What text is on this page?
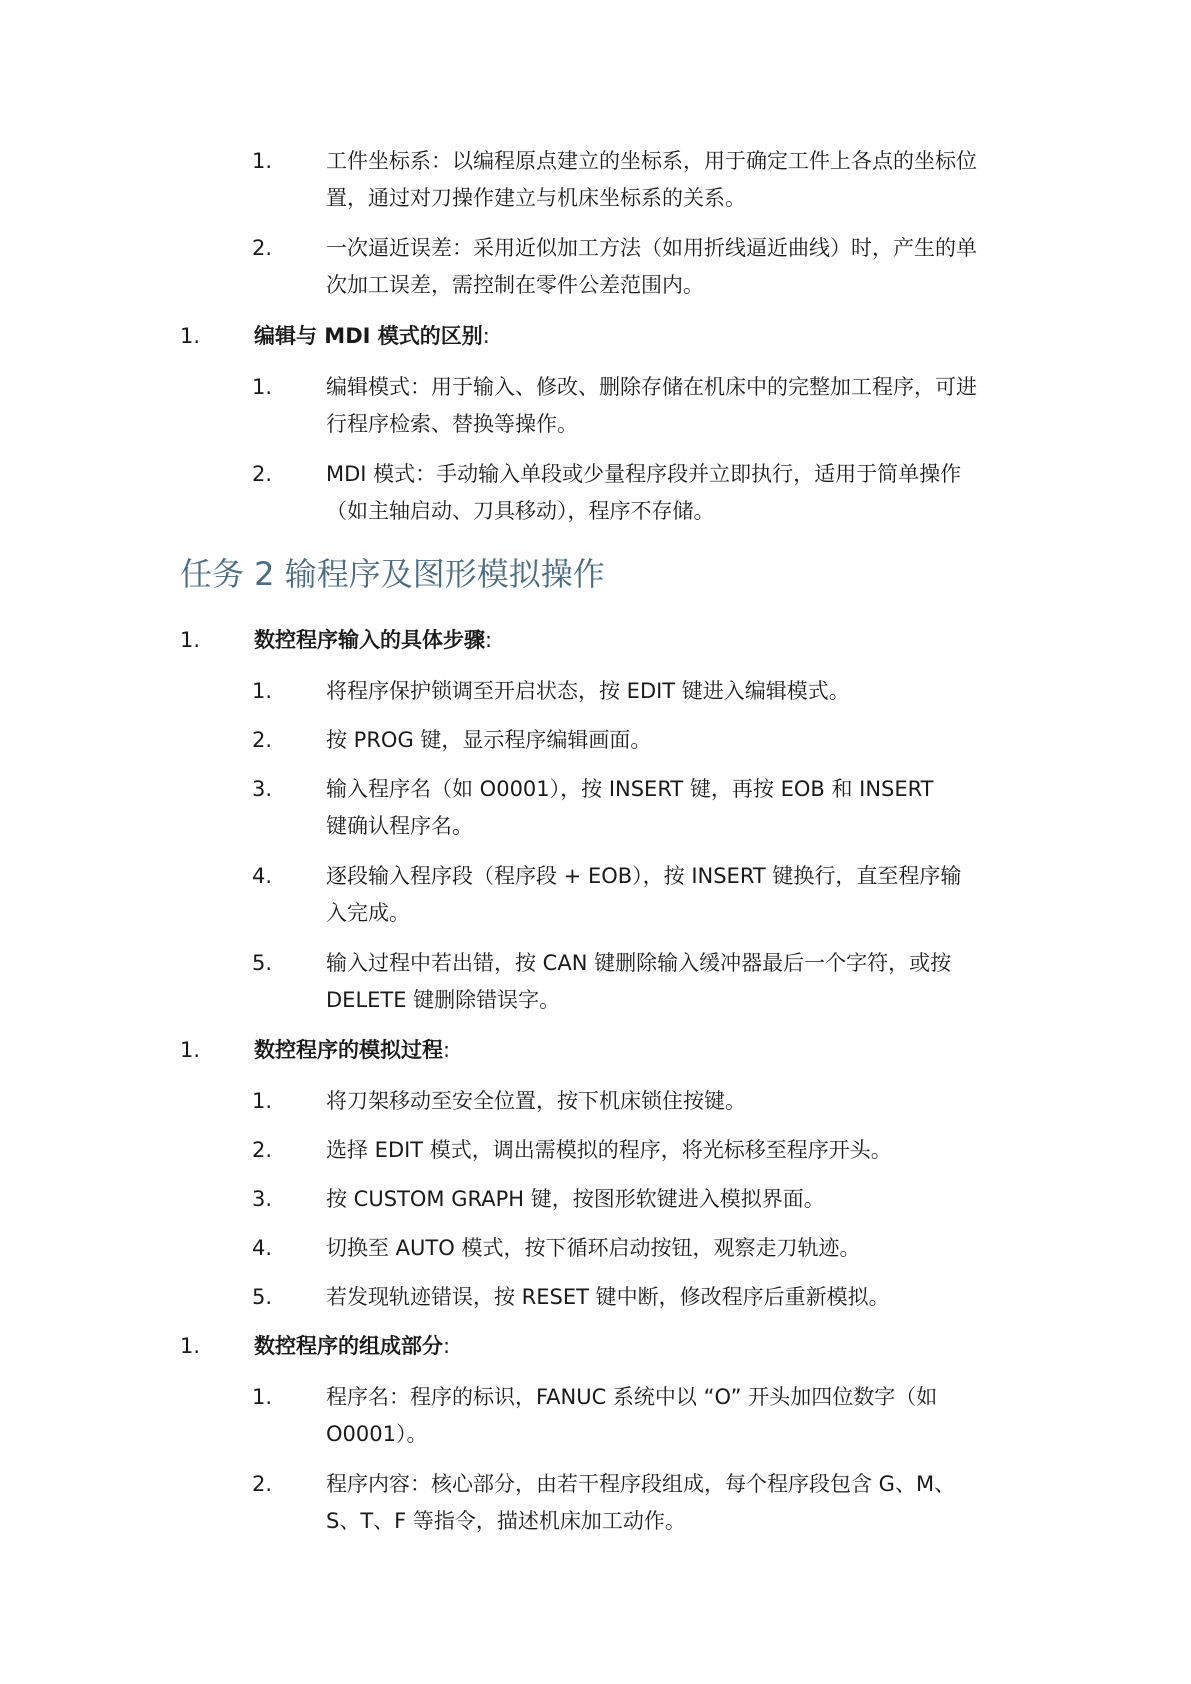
1.	工件坐标系：以编程原点建立的坐标系，用于确定工件上各点的坐标位
置，通过对刀操作建立与机床坐标系的关系。
2.	一次逼近误差：采用近似加工方法（如用折线逼近曲线）时，产生的单
次加工误差，需控制在零件公差范围内。
1.	编辑与 MDI 模式的区别:
1.	编辑模式：用于输入、修改、删除存储在机床中的完整加工程序，可进
行程序检索、替换等操作。
2.	MDI 模式：手动输入单段或少量程序段并立即执行，适用于简单操作
（如主轴启动、刀具移动），程序不存储。
任务 2 输程序及图形模拟操作
1.	数控程序输入的具体步骤:
1.	将程序保护锁调至开启状态，按 EDIT 键进入编辑模式。
2.	按 PROG 键，显示程序编辑画面。
3.	输入程序名（如 O0001），按 INSERT 键，再按 EOB 和 INSERT
键确认程序名。
4.	逐段输入程序段（程序段 + EOB），按 INSERT 键换行，直至程序输
入完成。
5.	输入过程中若出错，按 CAN 键删除输入缓冲器最后一个字符，或按
DELETE 键删除错误字。
1.	数控程序的模拟过程:
1.	将刀架移动至安全位置，按下机床锁住按键。
2.	选择 EDIT 模式，调出需模拟的程序，将光标移至程序开头。
3.	按 CUSTOM GRAPH 键，按图形软键进入模拟界面。
4.	切换至 AUTO 模式，按下循环启动按钮，观察走刀轨迹。
5.	若发现轨迹错误，按 RESET 键中断，修改程序后重新模拟。
1.	数控程序的组成部分:
1.	程序名：程序的标识，FANUC 系统中以 “O” 开头加四位数字（如
O0001）。
2.	程序内容：核心部分，由若干程序段组成，每个程序段包含 G、M、
S、T、F 等指令，描述机床加工动作。
